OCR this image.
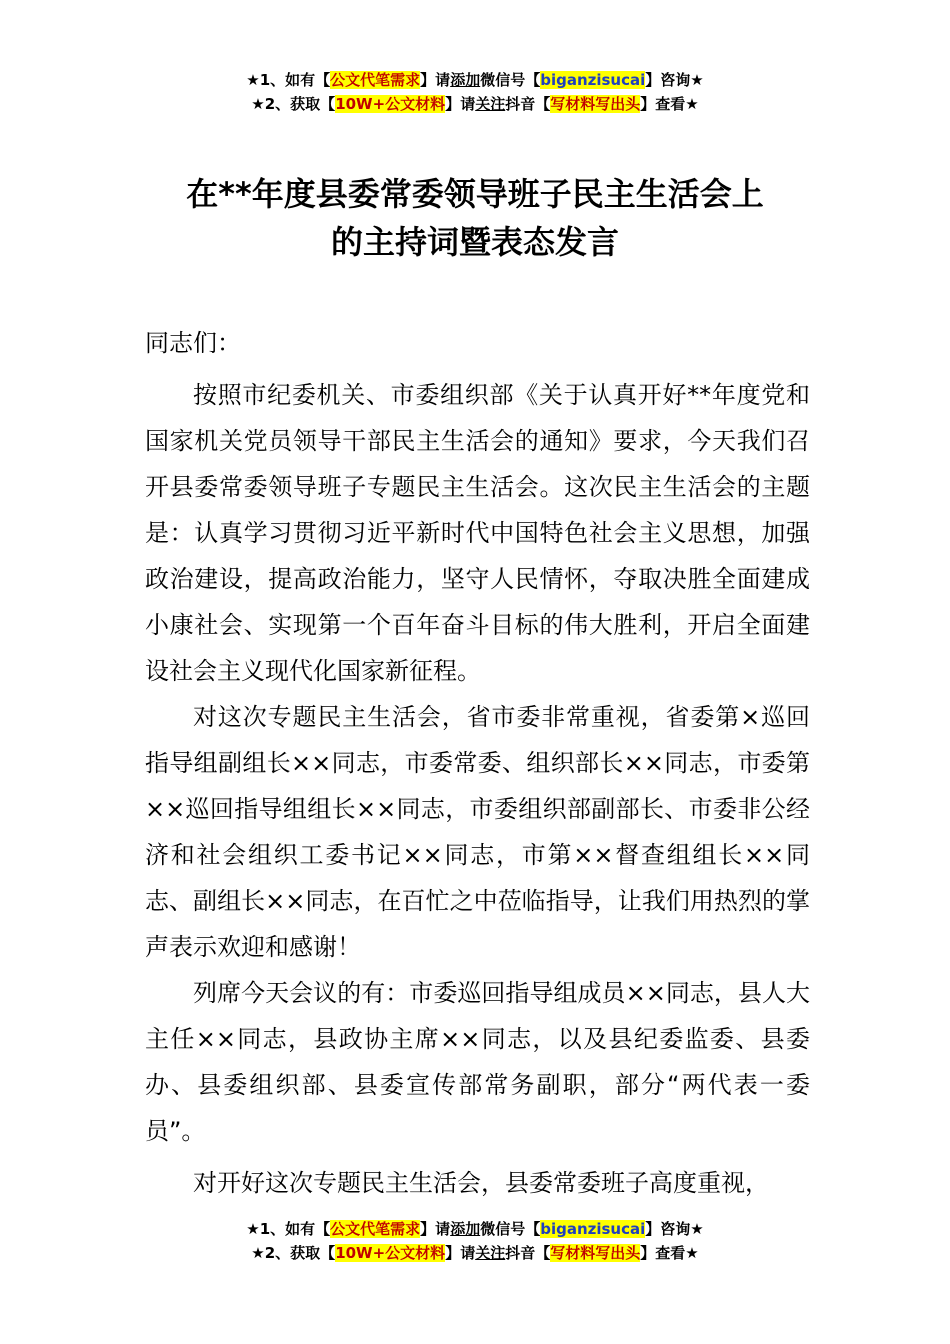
★1、如有【公文代笔需求】请添加微信号【biganzisucai】咨询★
★2、获取【10W+公文材料】请关注抖音【写材料写出头】查看★
在**年度县委常委领导班子民主生活会上
的主持词暨表态发言

同志们：

按照市纪委机关、市委组织部《关于认真开好**年度党和国家机关党员领导干部民主生活会的通知》要求，今天我们召开县委常委领导班子专题民主生活会。这次民主生活会的主题是：认真学习贯彻习近平新时代中国特色社会主义思想，加强政治建设，提高政治能力，坚守人民情怀，夺取决胜全面建成小康社会、实现第一个百年奋斗目标的伟大胜利，开启全面建设社会主义现代化国家新征程。

对这次专题民主生活会，省市委非常重视，省委第×巡回指导组副组长××同志，市委常委、组织部长××同志，市委第××巡回指导组组长××同志，市委组织部副部长、市委非公经济和社会组织工委书记××同志，市第××督查组组长××同志、副组长××同志，在百忙之中莅临指导，让我们用热烈的掌声表示欢迎和感谢！

列席今天会议的有：市委巡回指导组成员××同志，县人大主任××同志，县政协主席××同志，以及县纪委监委、县委办、县委组织部、县委宣传部常务副职，部分“两代表一委员”。

对开好这次专题民主生活会，县委常委班子高度重视，

★1、如有【公文代笔需求】请添加微信号【biganzisucai】咨询★
★2、获取【10W+公文材料】请关注抖音【写材料写出头】查看★
